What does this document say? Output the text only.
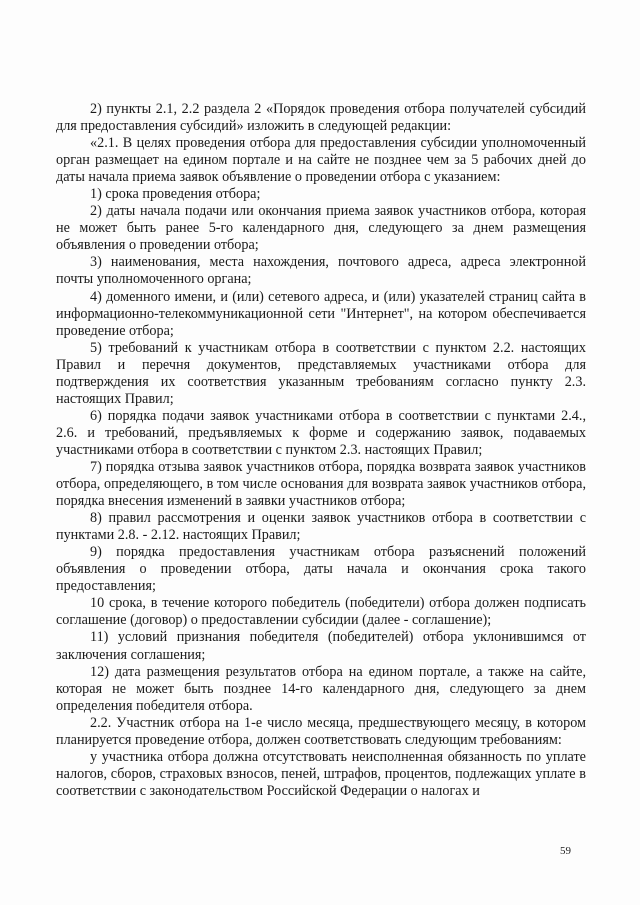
2) пункты 2.1, 2.2 раздела 2 «Порядок проведения отбора получателей субсидий для предоставления субсидий» изложить в следующей редакции:

«2.1. В целях проведения отбора для предоставления субсидии уполномоченный орган размещает на едином портале и на сайте не позднее чем за 5 рабочих дней до даты начала приема заявок объявление о проведении отбора с указанием:

1) срока проведения отбора;

2) даты начала подачи или окончания приема заявок участников отбора, которая не может быть ранее 5-го календарного дня, следующего за днем размещения объявления о проведении отбора;

3) наименования, места нахождения, почтового адреса, адреса электронной почты уполномоченного органа;

4) доменного имени, и (или) сетевого адреса, и (или) указателей страниц сайта в информационно-телекоммуникационной сети "Интернет", на котором обеспечивается проведение отбора;

5) требований к участникам отбора в соответствии с пунктом 2.2. настоящих Правил и перечня документов, представляемых участниками отбора для подтверждения их соответствия указанным требованиям согласно пункту 2.3. настоящих Правил;

6) порядка подачи заявок участниками отбора в соответствии с пунктами 2.4., 2.6. и требований, предъявляемых к форме и содержанию заявок, подаваемых участниками отбора в соответствии с пунктом 2.3. настоящих Правил;

7) порядка отзыва заявок участников отбора, порядка возврата заявок участников отбора, определяющего, в том числе основания для возврата заявок участников отбора, порядка внесения изменений в заявки участников отбора;

8) правил рассмотрения и оценки заявок участников отбора в соответствии с пунктами 2.8. - 2.12. настоящих Правил;

9) порядка предоставления участникам отбора разъяснений положений объявления о проведении отбора, даты начала и окончания срока такого предоставления;

10 срока, в течение которого победитель (победители) отбора должен подписать соглашение (договор) о предоставлении субсидии (далее - соглашение);

11) условий признания победителя (победителей) отбора уклонившимся от заключения соглашения;

12) дата размещения результатов отбора на едином портале, а также на сайте, которая не может быть позднее 14-го календарного дня, следующего за днем определения победителя отбора.

2.2. Участник отбора на 1-е число месяца, предшествующего месяцу, в котором планируется проведение отбора, должен соответствовать следующим требованиям:

у участника отбора должна отсутствовать неисполненная обязанность по уплате налогов, сборов, страховых взносов, пеней, штрафов, процентов, подлежащих уплате в соответствии с законодательством Российской Федерации о налогах и

59
